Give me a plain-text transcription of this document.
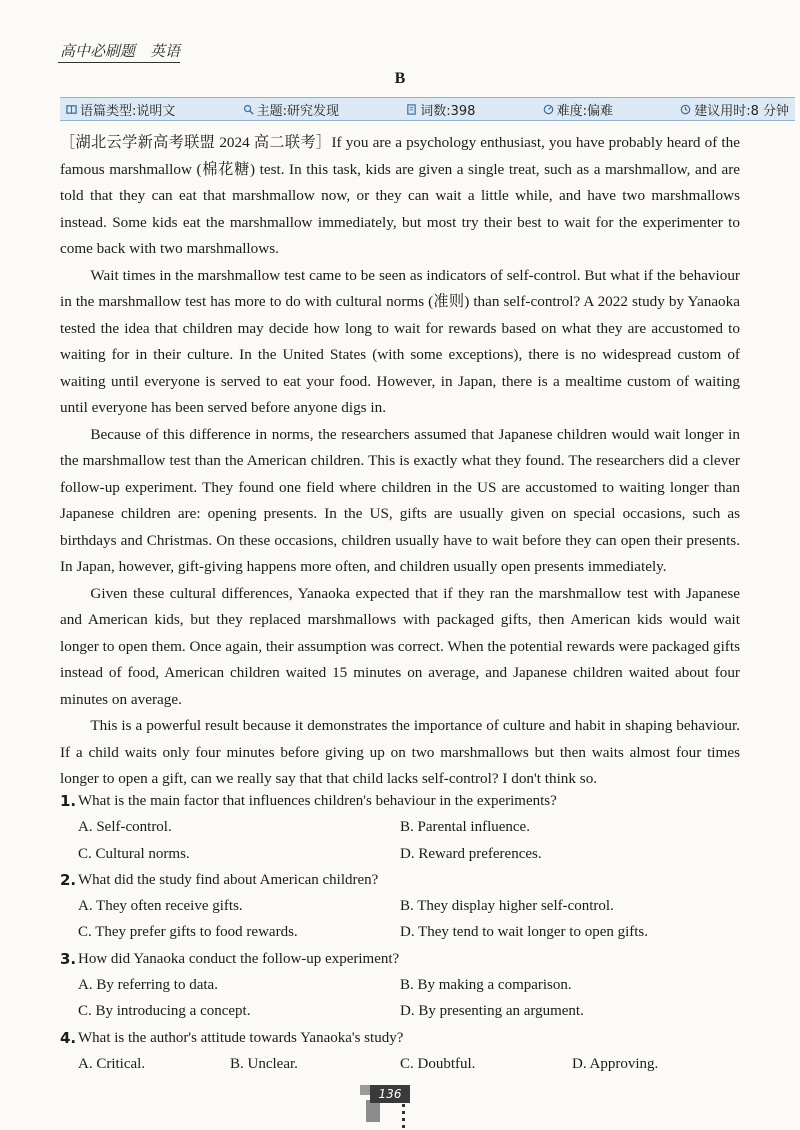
高中必刷题　英语
B
语篇类型:说明文	主题:研究发现	词数:398	难度:偏难	建议用时:8 分钟

［湖北云学新高考联盟 2024 高二联考］If you are a psychology enthusiast, you have probably heard of the famous marshmallow (棉花糖) test. In this task, kids are given a single treat, such as a marshmallow, and are told that they can eat that marshmallow now, or they can wait a little while, and have two marshmallows instead. Some kids eat the marshmallow immediately, but most try their best to wait for the experimenter to come back with two marshmallows.

Wait times in the marshmallow test came to be seen as indicators of self-control. But what if the behaviour in the marshmallow test has more to do with cultural norms (准则) than self-control? A 2022 study by Yanaoka tested the idea that children may decide how long to wait for rewards based on what they are accustomed to waiting for in their culture. In the United States (with some exceptions), there is no widespread custom of waiting until everyone is served to eat your food. However, in Japan, there is a mealtime custom of waiting until everyone has been served before anyone digs in.

Because of this difference in norms, the researchers assumed that Japanese children would wait longer in the marshmallow test than the American children. This is exactly what they found. The researchers did a clever follow-up experiment. They found one field where children in the US are accustomed to waiting longer than Japanese children are: opening presents. In the US, gifts are usually given on special occasions, such as birthdays and Christmas. On these occasions, children usually have to wait before they can open their presents. In Japan, however, gift-giving happens more often, and children usually open presents immediately.

Given these cultural differences, Yanaoka expected that if they ran the marshmallow test with Japanese and American kids, but they replaced marshmallows with packaged gifts, then American kids would wait longer to open them. Once again, their assumption was correct. When the potential rewards were packaged gifts instead of food, American children waited 15 minutes on average, and Japanese children waited about four minutes on average.

This is a powerful result because it demonstrates the importance of culture and habit in shaping behaviour. If a child waits only four minutes before giving up on two marshmallows but then waits almost four times longer to open a gift, can we really say that that child lacks self-control? I don't think so.

1. What is the main factor that influences children's behaviour in the experiments?
A. Self-control.	B. Parental influence.
C. Cultural norms.	D. Reward preferences.
2. What did the study find about American children?
A. They often receive gifts.	B. They display higher self-control.
C. They prefer gifts to food rewards.	D. They tend to wait longer to open gifts.
3. How did Yanaoka conduct the follow-up experiment?
A. By referring to data.	B. By making a comparison.
C. By introducing a concept.	D. By presenting an argument.
4. What is the author's attitude towards Yanaoka's study?
A. Critical.	B. Unclear.	C. Doubtful.	D. Approving.
136
